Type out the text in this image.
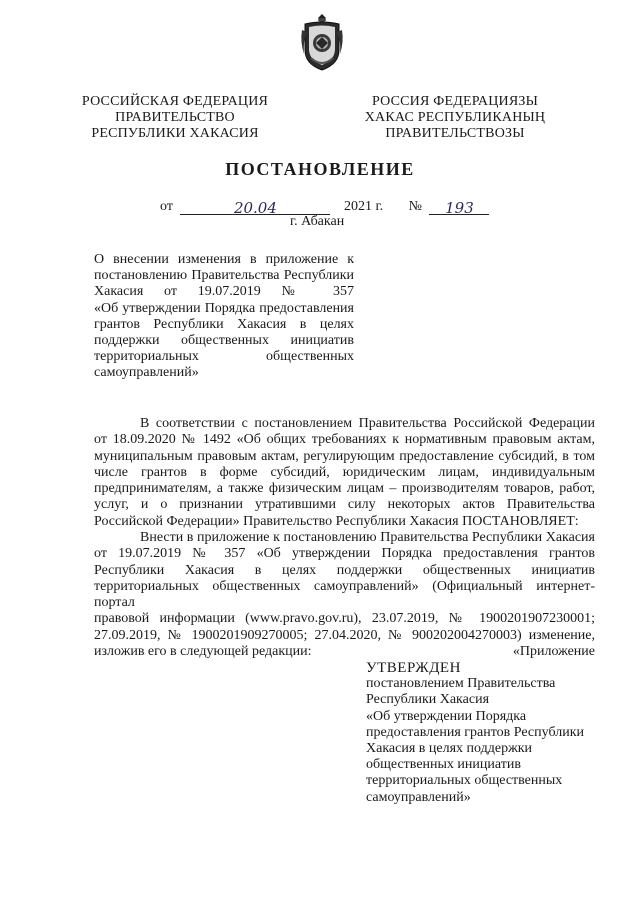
РОССИЙСКАЯ ФЕДЕРАЦИЯ
ПРАВИТЕЛЬСТВО
РЕСПУБЛИКИ ХАКАСИЯ
РОССИЯ ФЕДЕРАЦИЯЗЫ
ХАКАС РЕСПУБЛИКАНЫҢ
ПРАВИТЕЛЬСТВОЗЫ
ПОСТАНОВЛЕНИЕ
от	20.04	2021 г. № 193
г. Абакан
О внесении изменения в приложение к
постановлению Правительства Республики
Хакасия от 19.07.2019 № 357
«Об утверждении Порядка предоставления
грантов Республики Хакасия в целях
поддержки общественных инициатив
территориальных общественных
самоуправлений»

В соответствии с постановлением Правительства Российской Федерации

от 18.09.2020 № 1492 «Об общих требованиях к нормативным правовым актам,

муниципальным правовым актам, регулирующим предоставление субсидий, в том

числе грантов в форме субсидий, юридическим лицам, индивидуальным

предпринимателям, а также физическим лицам – производителям товаров, работ,

услуг, и о признании утратившими силу некоторых актов Правительства

Российской Федерации» Правительство Республики Хакасия ПОСТАНОВЛЯЕТ:

Внести в приложение к постановлению Правительства Республики Хакасия

от 19.07.2019 № 357 «Об утверждении Порядка предоставления грантов

Республики Хакасия в целях поддержки общественных инициатив

территориальных общественных самоуправлений» (Официальный интернет-портал

правовой информации (www.pravo.gov.ru), 23.07.2019, № 1900201907230001;

27.09.2019, № 1900201909270005; 27.04.2020, № 900202004270003) изменение,

изложив его в следующей редакции:	«Приложение
УТВЕРЖДЕН
постановлением Правительства
Республики Хакасия
«Об утверждении Порядка
предоставления грантов Республики
Хакасия в целях поддержки
общественных инициатив
территориальных общественных
самоуправлений»
